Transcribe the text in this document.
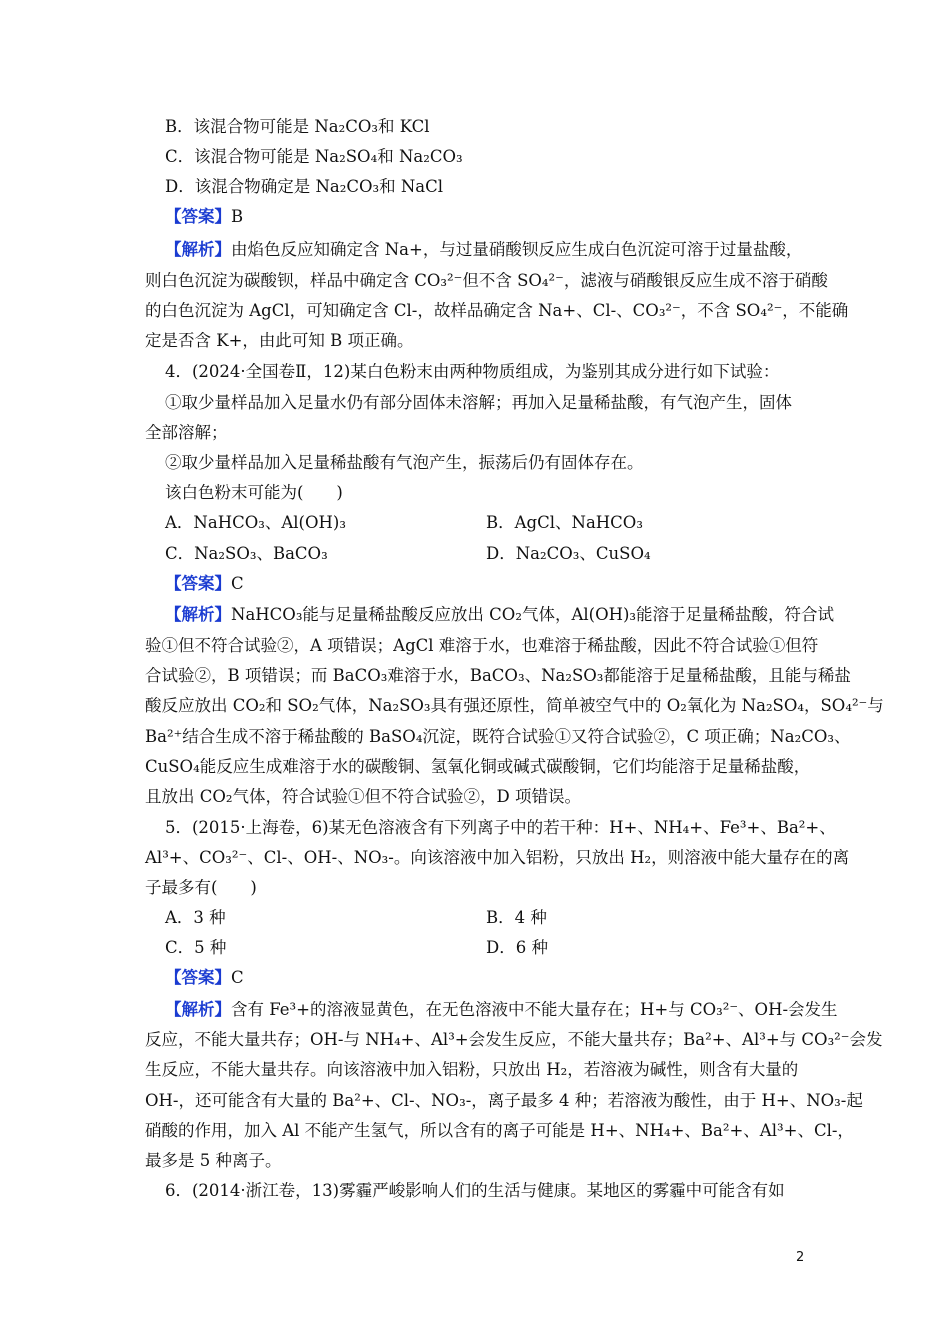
B．该混合物可能是 Na₂CO₃和 KCl
C．该混合物可能是 Na₂SO₄和 Na₂CO₃
D．该混合物确定是 Na₂CO₃和 NaCl
【答案】B
【解析】由焰色反应知确定含 Na+，与过量硝酸钡反应生成白色沉淀可溶于过量盐酸，
则白色沉淀为碳酸钡，样品中确定含 CO₃²⁻但不含 SO₄²⁻，滤液与硝酸银反应生成不溶于硝酸
的白色沉淀为 AgCl，可知确定含 Cl-，故样品确定含 Na+、Cl-、CO₃²⁻，不含 SO₄²⁻，不能确
定是否含 K+，由此可知 B 项正确。
4．(2024·全国卷Ⅱ，12)某白色粉末由两种物质组成，为鉴别其成分进行如下试验：
①取少量样品加入足量水仍有部分固体未溶解；再加入足量稀盐酸，有气泡产生，固体
全部溶解；
②取少量样品加入足量稀盐酸有气泡产生，振荡后仍有固体存在。
该白色粉末可能为(　　)
A．NaHCO₃、Al(OH)₃	B．AgCl、NaHCO₃
C．Na₂SO₃、BaCO₃	D．Na₂CO₃、CuSO₄
【答案】C
【解析】NaHCO₃能与足量稀盐酸反应放出 CO₂气体，Al(OH)₃能溶于足量稀盐酸，符合试
验①但不符合试验②，A 项错误；AgCl 难溶于水，也难溶于稀盐酸，因此不符合试验①但符
合试验②，B 项错误；而 BaCO₃难溶于水，BaCO₃、Na₂SO₃都能溶于足量稀盐酸，且能与稀盐
酸反应放出 CO₂和 SO₂气体，Na₂SO₃具有强还原性，简单被空气中的 O₂氧化为 Na₂SO₄，SO₄²⁻与
Ba²⁺结合生成不溶于稀盐酸的 BaSO₄沉淀，既符合试验①又符合试验②，C 项正确；Na₂CO₃、
CuSO₄能反应生成难溶于水的碳酸铜、氢氧化铜或碱式碳酸铜，它们均能溶于足量稀盐酸，
且放出 CO₂气体，符合试验①但不符合试验②，D 项错误。
5．(2015·上海卷，6)某无色溶液含有下列离子中的若干种：H+、NH₄+、Fe³+、Ba²+、
Al³+、CO₃²⁻、Cl-、OH-、NO₃-。向该溶液中加入铝粉，只放出 H₂，则溶液中能大量存在的离
子最多有(　　)
A．3 种	B．4 种
C．5 种	D．6 种
【答案】C
【解析】含有 Fe³+的溶液显黄色，在无色溶液中不能大量存在；H+与 CO₃²⁻、OH-会发生
反应，不能大量共存；OH-与 NH₄+、Al³+会发生反应，不能大量共存；Ba²+、Al³+与 CO₃²⁻会发
生反应，不能大量共存。向该溶液中加入铝粉，只放出 H₂，若溶液为碱性，则含有大量的
OH-，还可能含有大量的 Ba²+、Cl-、NO₃-，离子最多 4 种；若溶液为酸性，由于 H+、NO₃-起
硝酸的作用，加入 Al 不能产生氢气，所以含有的离子可能是 H+、NH₄+、Ba²+、Al³+、Cl-，
最多是 5 种离子。
6．(2014·浙江卷，13)雾霾严峻影响人们的生活与健康。某地区的雾霾中可能含有如
2
